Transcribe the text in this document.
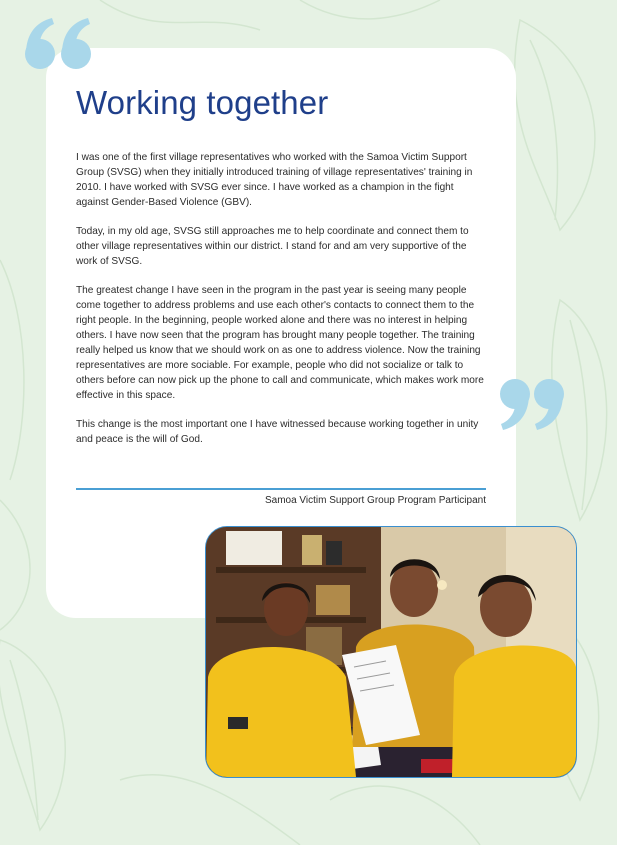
Working together

I was one of the first village representatives who worked with the Samoa Victim Support Group (SVSG) when they initially introduced training of village representatives' training in 2010. I have worked with SVSG ever since. I have worked as a champion in the fight against Gender-Based Violence (GBV).

Today, in my old age, SVSG still approaches me to help coordinate and connect them to other village representatives within our district. I stand for and am very supportive of the work of SVSG.

The greatest change I have seen in the program in the past year is seeing many people come together to address problems and use each other's contacts to connect them to the right people. In the beginning, people worked alone and there was no interest in helping others. I have now seen that the program has brought many people together. The training really helped us know that we should work on as one to address violence. Now the training representatives are more sociable. For example, people who did not socialize or talk to others before can now pick up the phone to call and communicate, which makes work more effective in this space.

This change is the most important one I have witnessed because working together in unity and peace is the will of God.

Samoa Victim Support Group Program Participant
